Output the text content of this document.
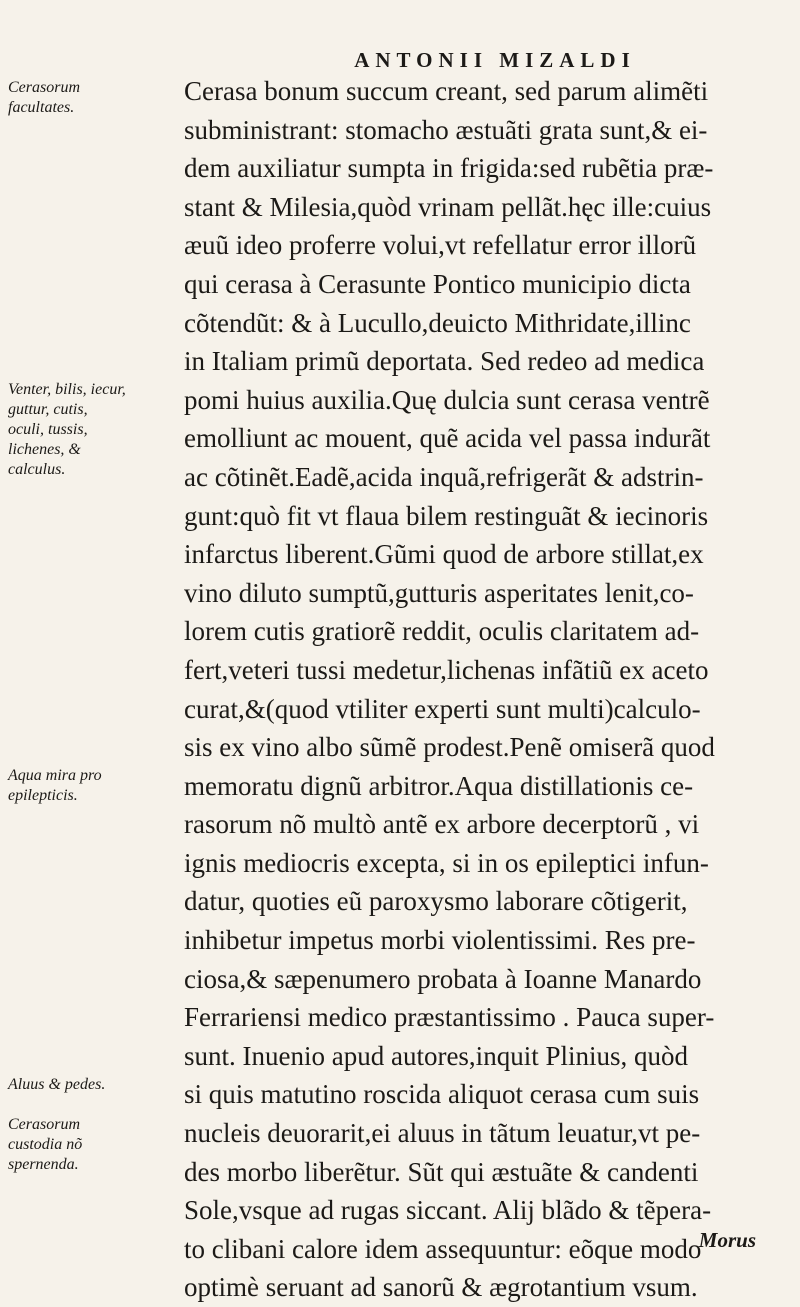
ANTONII MIZALDI
Cerasorum facultates.
Venter, bilis, iecur, guttur, cutis, oculi, tussis, lichenes, & calculus.
Aqua mira pro epilepticis.
Aluus & pedes.
Cerasorum custodia nõ spernenda.
Cerasa bonum succum creant, sed parum alimẽti
subministrant: stomacho æstuãti grata sunt,& ei-
dem auxiliatur sumpta in frigida:sed rubẽtia præ-
stant & Milesia,quòd vrinam pellãt.hęc ille:cuius
æuũ ideo proferre volui,vt refellatur error illorũ
qui cerasa à Cerasunte Pontico municipio dicta
cõtendũt: & à Lucullo,deuicto Mithridate,illinc
in Italiam primũ deportata. Sed redeo ad medica
pomi huius auxilia.Quę dulcia sunt cerasa ventrẽ
emolliunt ac mouent, quẽ acida vel passa indurãt
ac cõtinẽt.Eadẽ,acida inquã,refrigerãt & adstrin-
gunt:quò fit vt flaua bilem restinguãt & iecinoris
infarctus liberent.Gũmi quod de arbore stillat,ex
vino diluto sumptũ,gutturis asperitates lenit,co-
lorem cutis gratiorẽ reddit, oculis claritatem ad-
fert,veteri tussi medetur,lichenas infãtiũ ex aceto
curat,&(quod vtiliter experti sunt multi)calculo-
sis ex vino albo sũmẽ prodest.Penẽ omiserã quod
memoratu dignũ arbitror.Aqua distillationis ce-
rasorum nõ multò antẽ ex arbore decerptorũ , vi
ignis mediocris excepta, si in os epileptici infun-
datur, quoties eũ paroxysmo laborare cõtigerit,
inhibetur impetus morbi violentissimi. Res pre-
ciosa,& sæpenumero probata à Ioanne Manardo
Ferrariensi medico præstantissimo . Pauca super-
sunt. Inuenio apud autores,inquit Plinius, quòd
si quis matutino roscida aliquot cerasa cum suis
nucleis deuorarit,ei aluus in tãtum leuatur,vt pe-
des morbo liberẽtur. Sũt qui æstuãte & candenti
Sole,vsque ad rugas siccant. Alij blãdo & tẽpera-
to clibani calore idem assequuntur: eõque modo
optimè seruant ad sanorũ & ægrotantium vsum.
Morus
